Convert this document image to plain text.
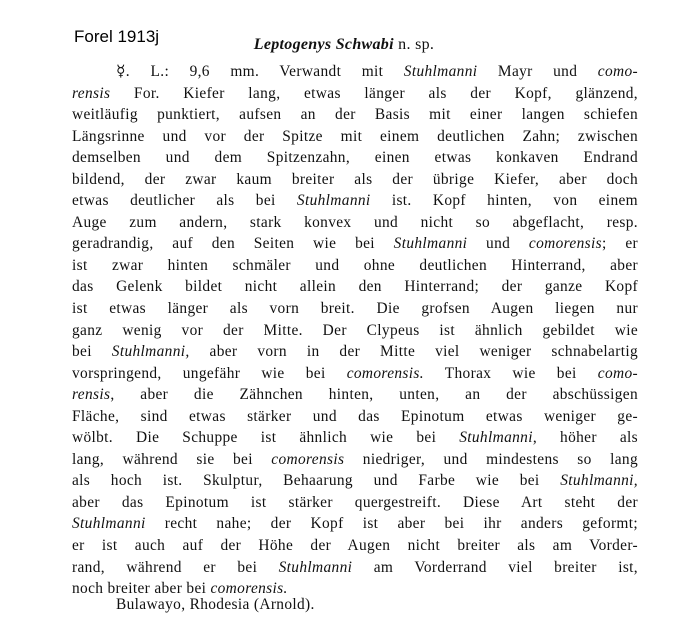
Forel 1913j	Leptogenys Schwabi n. sp.
☿. L.: 9,6 mm. Verwandt mit Stuhlmanni Mayr und como-
rensis For. Kiefer lang, etwas länger als der Kopf, glänzend,
weitläufig punktiert, aufsen an der Basis mit einer langen schiefen
Längsrinne und vor der Spitze mit einem deutlichen Zahn; zwischen
demselben und dem Spitzenzahn, einen etwas konkaven Endrand
bildend, der zwar kaum breiter als der übrige Kiefer, aber doch
etwas deutlicher als bei Stuhlmanni ist. Kopf hinten, von einem
Auge zum andern, stark konvex und nicht so abgeflacht, resp.
geradrandig, auf den Seiten wie bei Stuhlmanni und comorensis; er
ist zwar hinten schmäler und ohne deutlichen Hinterrand, aber
das Gelenk bildet nicht allein den Hinterrand; der ganze Kopf
ist etwas länger als vorn breit. Die grofsen Augen liegen nur
ganz wenig vor der Mitte. Der Clypeus ist ähnlich gebildet wie
bei Stuhlmanni, aber vorn in der Mitte viel weniger schnabelartig
vorspringend, ungefähr wie bei comorensis. Thorax wie bei como-
rensis, aber die Zähnchen hinten, unten, an der abschüssigen
Fläche, sind etwas stärker und das Epinotum etwas weniger ge-
wölbt. Die Schuppe ist ähnlich wie bei Stuhlmanni, höher als
lang, während sie bei comorensis niedriger, und mindestens so lang
als hoch ist. Skulptur, Behaarung und Farbe wie bei Stuhlmanni,
aber das Epinotum ist stärker quergestreift. Diese Art steht der
Stuhlmanni recht nahe; der Kopf ist aber bei ihr anders geformt;
er ist auch auf der Höhe der Augen nicht breiter als am Vorder-
rand, während er bei Stuhlmanni am Vorderrand viel breiter ist,
noch breiter aber bei comorensis.
Bulawayo, Rhodesia (Arnold).
